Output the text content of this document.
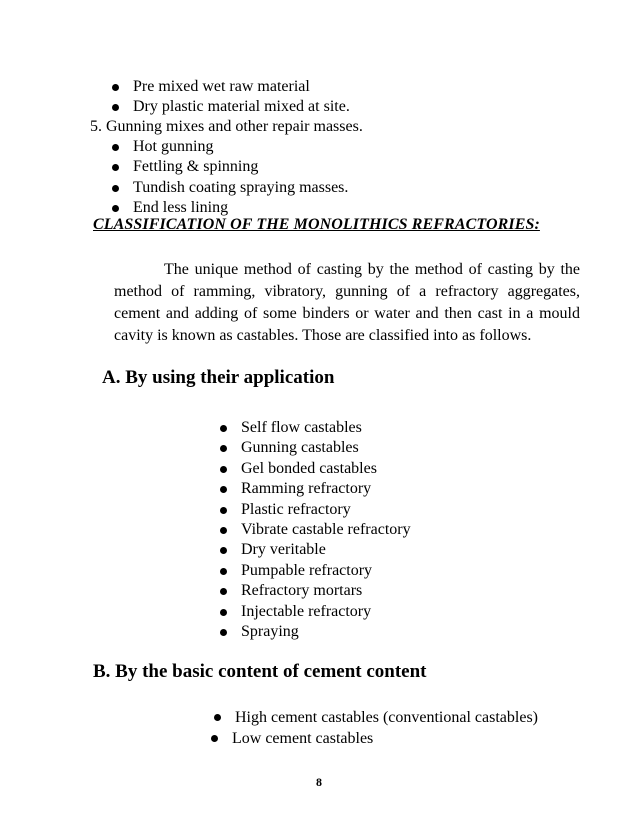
Pre mixed wet raw material
Dry plastic material mixed at site.
5. Gunning mixes and other repair masses.
Hot gunning
Fettling & spinning
Tundish coating spraying masses.
End less lining
CLASSIFICATION OF THE MONOLITHICS REFRACTORIES:

The unique method of casting by the method of casting by the method of ramming, vibratory, gunning of a refractory aggregates, cement and adding of some binders or water and then cast in a mould cavity is known as castables. Those are classified into as follows.

A. By using their application
Self flow castables
Gunning castables
Gel bonded castables
Ramming refractory
Plastic refractory
Vibrate castable refractory
Dry veritable
Pumpable refractory
Refractory mortars
Injectable refractory
Spraying
B. By the basic content of cement content
High cement castables (conventional castables)
Low cement castables
8
